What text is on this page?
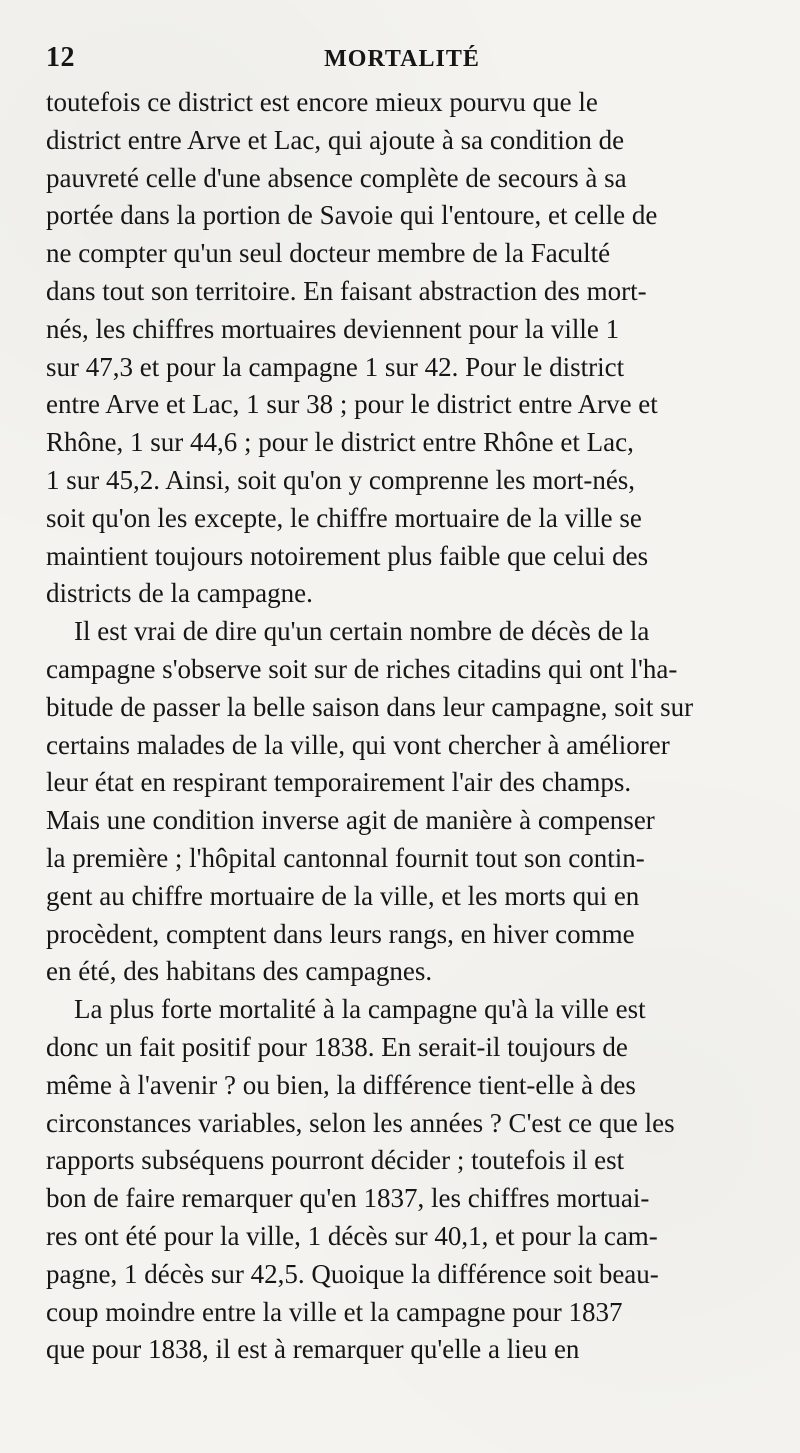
12	MORTALITÉ
toutefois ce district est encore mieux pourvu que le
district entre Arve et Lac, qui ajoute à sa condition de
pauvreté celle d'une absence complète de secours à sa
portée dans la portion de Savoie qui l'entoure, et celle de
ne compter qu'un seul docteur membre de la Faculté
dans tout son territoire. En faisant abstraction des mort-
nés, les chiffres mortuaires deviennent pour la ville 1
sur 47,3 et pour la campagne 1 sur 42. Pour le district
entre Arve et Lac, 1 sur 38 ; pour le district entre Arve et
Rhône, 1 sur 44,6 ; pour le district entre Rhône et Lac,
1 sur 45,2. Ainsi, soit qu'on y comprenne les mort-nés,
soit qu'on les excepte, le chiffre mortuaire de la ville se
maintient toujours notoirement plus faible que celui des
districts de la campagne.
Il est vrai de dire qu'un certain nombre de décès de la
campagne s'observe soit sur de riches citadins qui ont l'ha-
bitude de passer la belle saison dans leur campagne, soit sur
certains malades de la ville, qui vont chercher à améliorer
leur état en respirant temporairement l'air des champs.
Mais une condition inverse agit de manière à compenser
la première ; l'hôpital cantonnal fournit tout son contin-
gent au chiffre mortuaire de la ville, et les morts qui en
procèdent, comptent dans leurs rangs, en hiver comme
en été, des habitans des campagnes.
La plus forte mortalité à la campagne qu'à la ville est
donc un fait positif pour 1838. En serait-il toujours de
même à l'avenir ? ou bien, la différence tient-elle à des
circonstances variables, selon les années ? C'est ce que les
rapports subséquens pourront décider ; toutefois il est
bon de faire remarquer qu'en 1837, les chiffres mortuai-
res ont été pour la ville, 1 décès sur 40,1, et pour la cam-
pagne, 1 décès sur 42,5. Quoique la différence soit beau-
coup moindre entre la ville et la campagne pour 1837
que pour 1838, il est à remarquer qu'elle a lieu en
